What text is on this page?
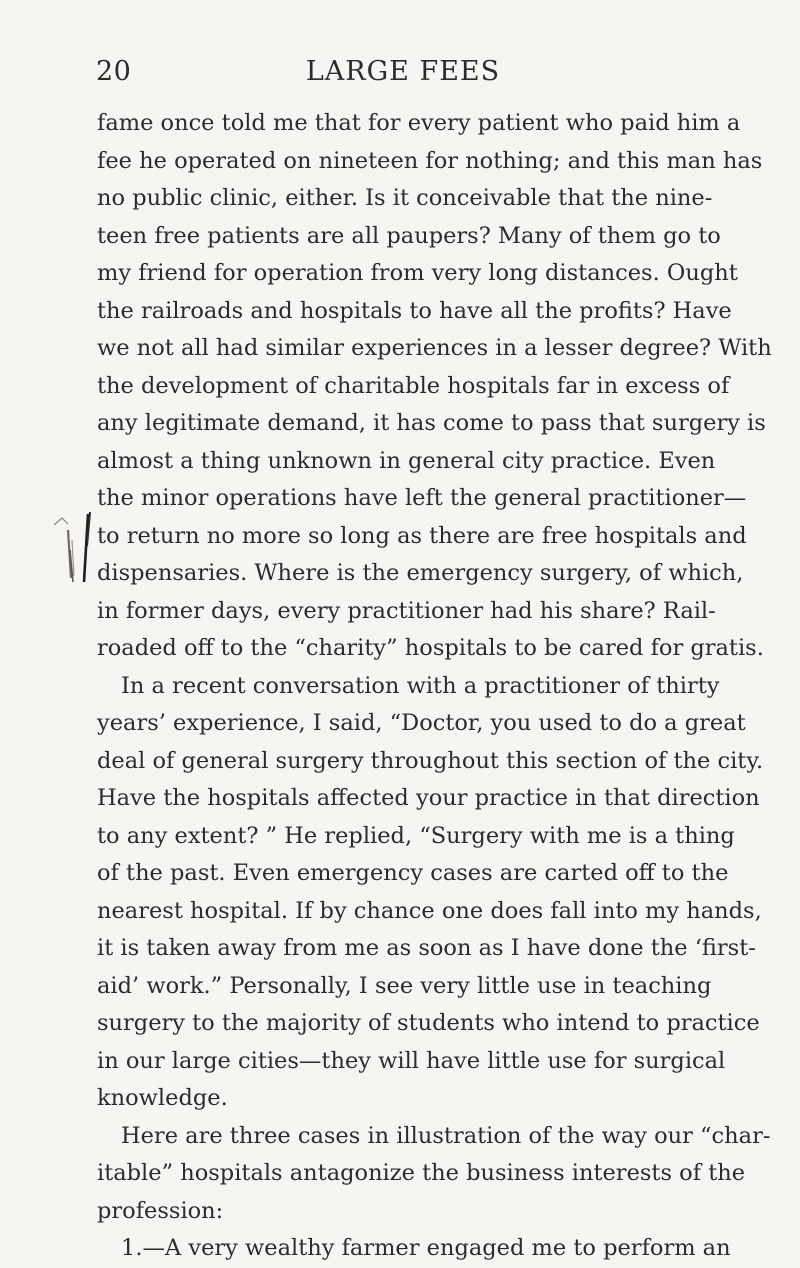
20	LARGE FEES
fame once told me that for every patient who paid him a
fee he operated on nineteen for nothing; and this man has
no public clinic, either. Is it conceivable that the nine-
teen free patients are all paupers? Many of them go to
my friend for operation from very long distances. Ought
the railroads and hospitals to have all the profits? Have
we not all had similar experiences in a lesser degree? With
the development of charitable hospitals far in excess of
any legitimate demand, it has come to pass that surgery is
almost a thing unknown in general city practice. Even
the minor operations have left the general practitioner—
to return no more so long as there are free hospitals and
dispensaries. Where is the emergency surgery, of which,
in former days, every practitioner had his share? Rail-
roaded off to the “charity” hospitals to be cared for gratis.
In a recent conversation with a practitioner of thirty
years’ experience, I said, “Doctor, you used to do a great
deal of general surgery throughout this section of the city.
Have the hospitals affected your practice in that direction
to any extent? ” He replied, “Surgery with me is a thing
of the past. Even emergency cases are carted off to the
nearest hospital. If by chance one does fall into my hands,
it is taken away from me as soon as I have done the ‘first-
aid’ work.” Personally, I see very little use in teaching
surgery to the majority of students who intend to practice
in our large cities—they will have little use for surgical
knowledge.
Here are three cases in illustration of the way our “char-
itable” hospitals antagonize the business interests of the
profession:
1.—A very wealthy farmer engaged me to perform an
